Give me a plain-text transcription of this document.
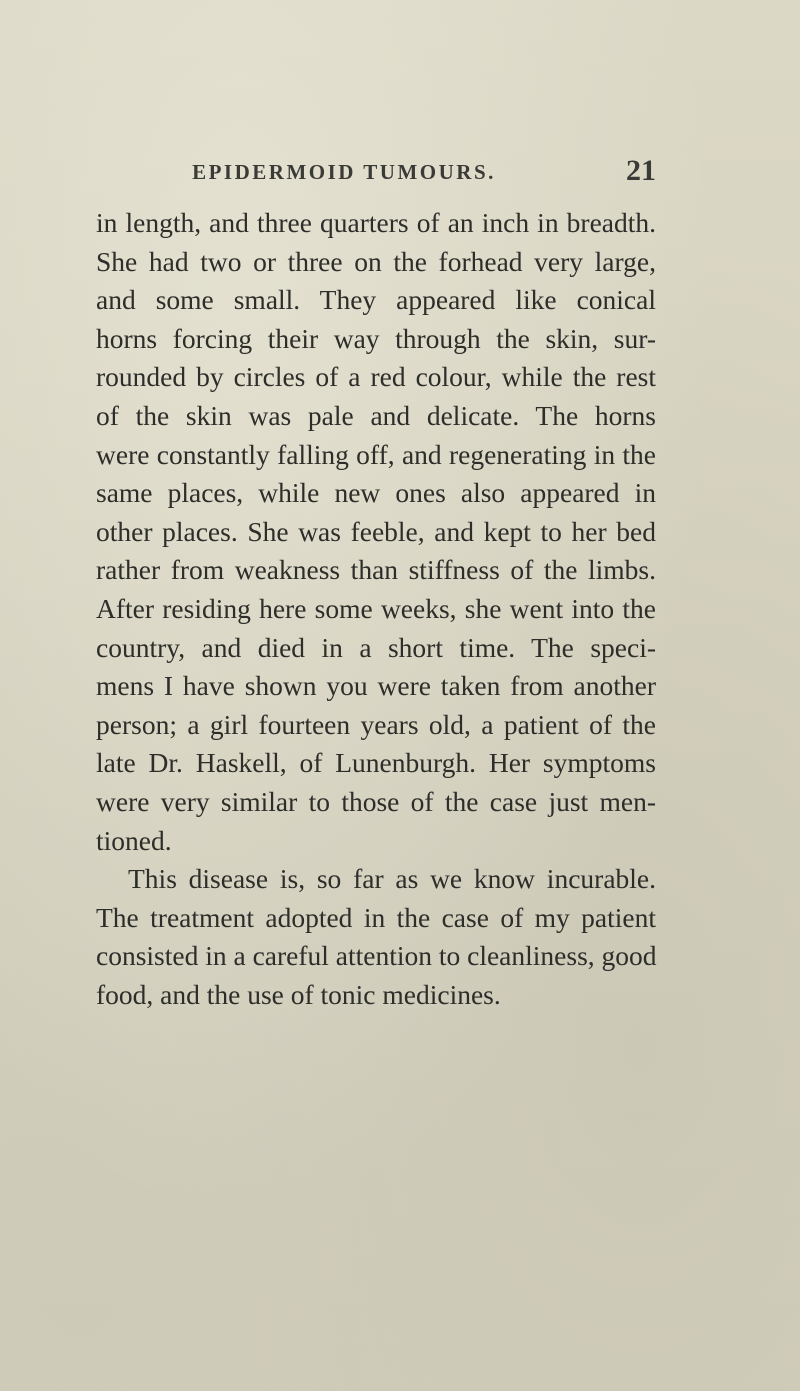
EPIDERMOID TUMOURS.	21
in length, and three quarters of an inch in breadth.
She had two or three on the forhead very large,
and some small. They appeared like conical
horns forcing their way through the skin, sur-
rounded by circles of a red colour, while the rest
of the skin was pale and delicate. The horns
were constantly falling off, and regenerating in the
same places, while new ones also appeared in
other places. She was feeble, and kept to her bed
rather from weakness than stiffness of the limbs.
After residing here some weeks, she went into the
country, and died in a short time. The speci-
mens I have shown you were taken from another
person; a girl fourteen years old, a patient of the
late Dr. Haskell, of Lunenburgh. Her symptoms
were very similar to those of the case just men-
tioned.
This disease is, so far as we know incurable.
The treatment adopted in the case of my patient
consisted in a careful attention to cleanliness, good
food, and the use of tonic medicines.
